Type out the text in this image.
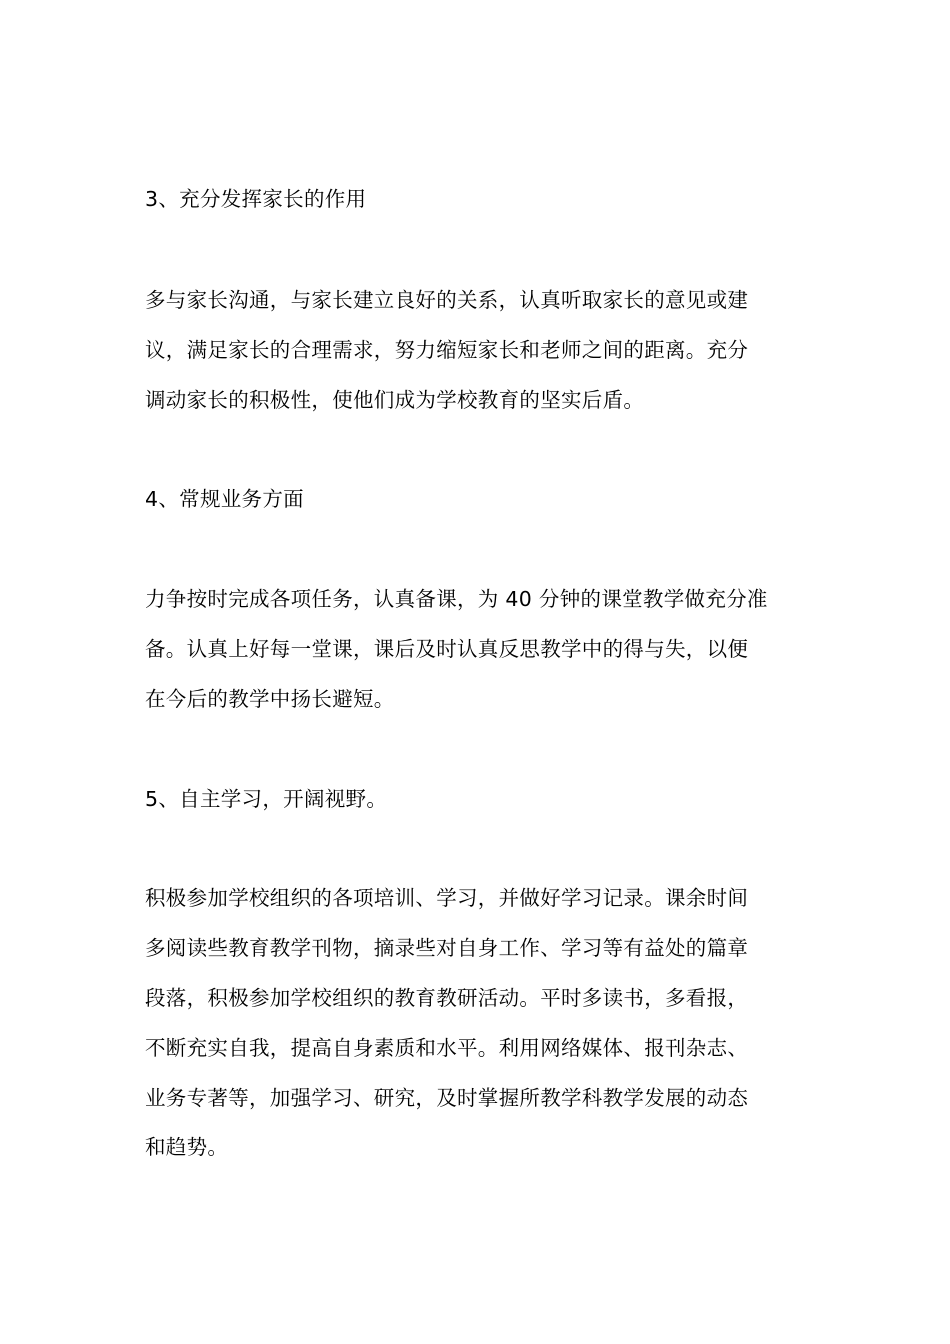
3、充分发挥家长的作用
多与家长沟通，与家长建立良好的关系，认真听取家长的意见或建
议，满足家长的合理需求，努力缩短家长和老师之间的距离。充分
调动家长的积极性，使他们成为学校教育的坚实后盾。
4、常规业务方面
力争按时完成各项任务，认真备课，为 40 分钟的课堂教学做充分准
备。认真上好每一堂课，课后及时认真反思教学中的得与失，以便
在今后的教学中扬长避短。
5、自主学习，开阔视野。
积极参加学校组织的各项培训、学习，并做好学习记录。课余时间
多阅读些教育教学刊物，摘录些对自身工作、学习等有益处的篇章
段落，积极参加学校组织的教育教研活动。平时多读书，多看报，
不断充实自我，提高自身素质和水平。利用网络媒体、报刊杂志、
业务专著等，加强学习、研究，及时掌握所教学科教学发展的动态
和趋势。
